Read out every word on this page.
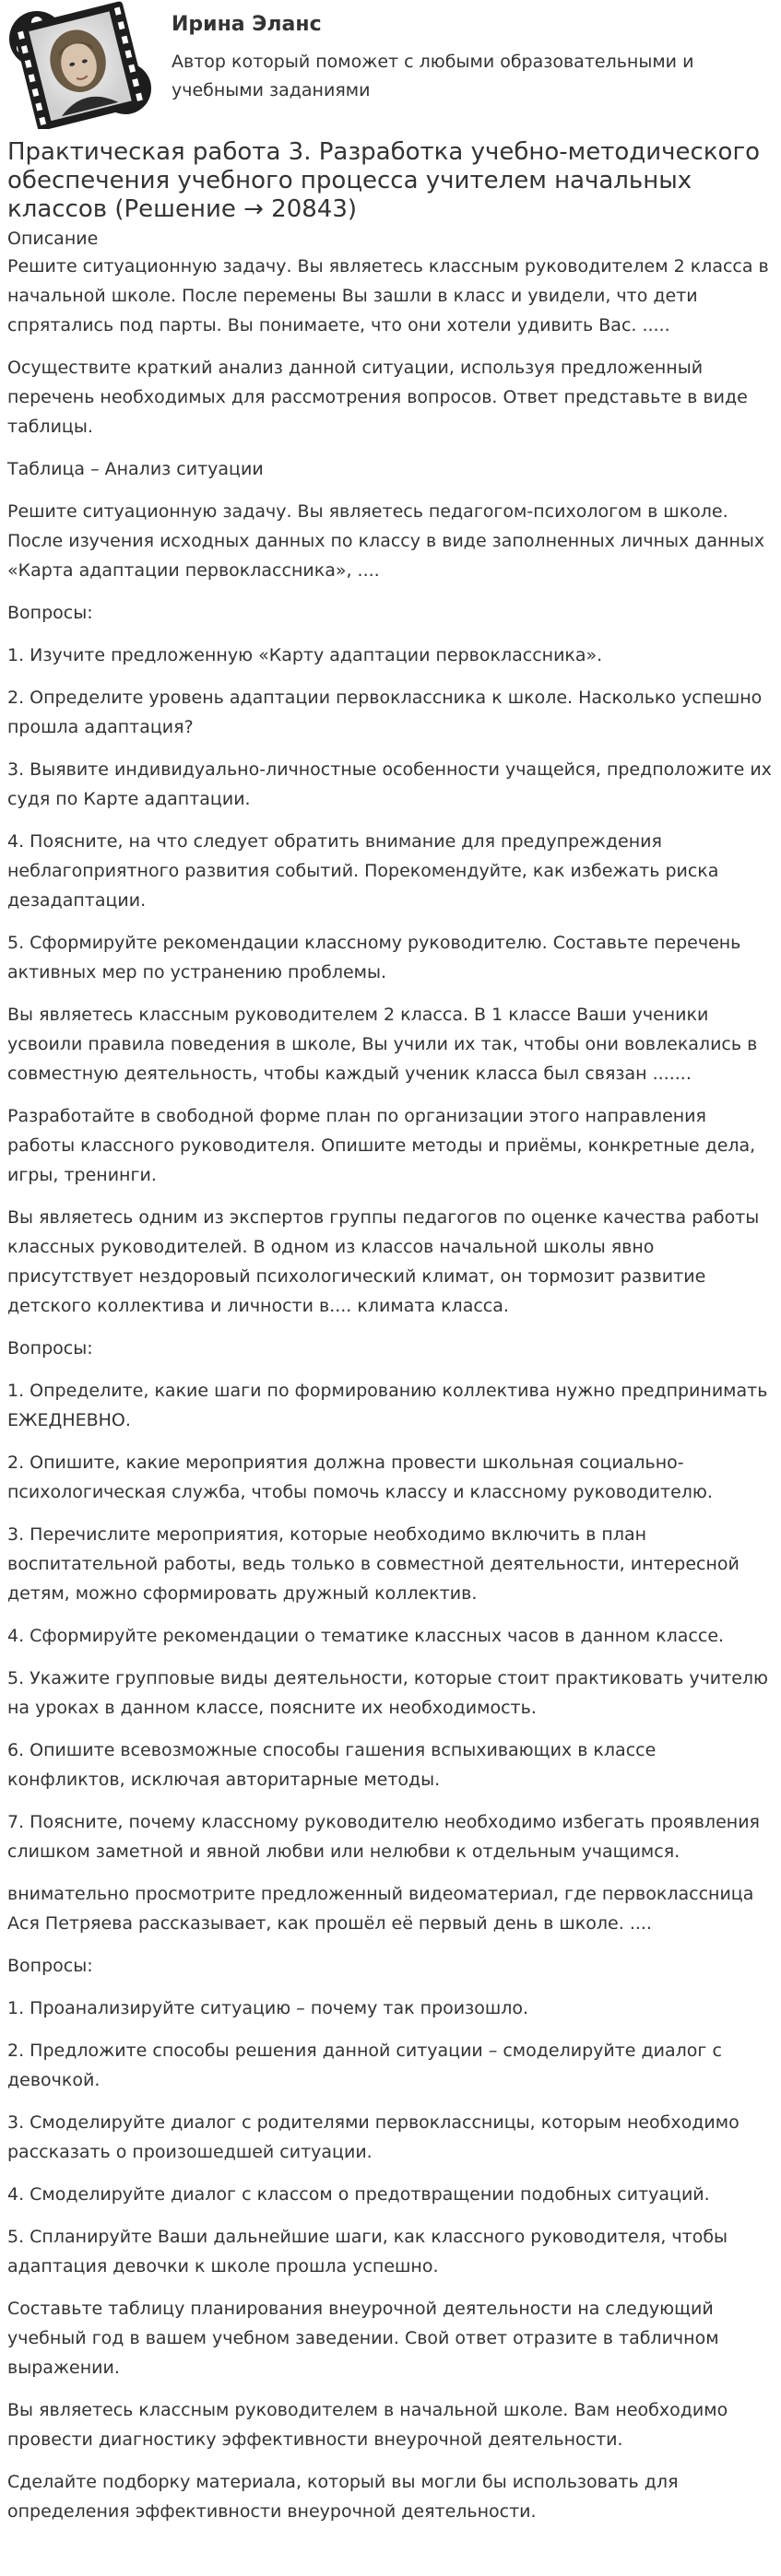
Ирина Эланс

Автор который поможет с любыми образовательными и учебными заданиями

Практическая работа 3. Разработка учебно-методического обеспечения учебного процесса учителем начальных классов (Решение → 20843)

Описание

Решите ситуационную задачу. Вы являетесь классным руководителем 2 класса в начальной школе. После перемены Вы зашли в класс и увидели, что дети спрятались под парты. Вы понимаете, что они хотели удивить Вас. .....

Осуществите краткий анализ данной ситуации, используя предложенный перечень необходимых для рассмотрения вопросов. Ответ представьте в виде таблицы.

Таблица – Анализ ситуации

Решите ситуационную задачу. Вы являетесь педагогом-психологом в школе. После изучения исходных данных по классу в виде заполненных личных данных «Карта адаптации первоклассника», ....

Вопросы:

1. Изучите предложенную «Карту адаптации первоклассника».

2. Определите уровень адаптации первоклассника к школе. Насколько успешно прошла адаптация?

3. Выявите индивидуально-личностные особенности учащейся, предположите их судя по Карте адаптации.

4. Поясните, на что следует обратить внимание для предупреждения неблагоприятного развития событий. Порекомендуйте, как избежать риска дезадаптации.

5. Сформируйте рекомендации классному руководителю. Составьте перечень активных мер по устранению проблемы.

Вы являетесь классным руководителем 2 класса. В 1 классе Ваши ученики усвоили правила поведения в школе, Вы учили их так, чтобы они вовлекались в совместную деятельность, чтобы каждый ученик класса был связан .......

Разработайте в свободной форме план по организации этого направления работы классного руководителя. Опишите методы и приёмы, конкретные дела, игры, тренинги.

Вы являетесь одним из экспертов группы педагогов по оценке качества работы классных руководителей. В одном из классов начальной школы явно присутствует нездоровый психологический климат, он тормозит развитие детского коллектива и личности в.... климата класса.

Вопросы:

1. Определите, какие шаги по формированию коллектива нужно предпринимать ЕЖЕДНЕВНО.

2. Опишите, какие мероприятия должна провести школьная социально-психологическая служба, чтобы помочь классу и классному руководителю.

3. Перечислите мероприятия, которые необходимо включить в план воспитательной работы, ведь только в совместной деятельности, интересной детям, можно сформировать дружный коллектив.

4. Сформируйте рекомендации о тематике классных часов в данном классе.

5. Укажите групповые виды деятельности, которые стоит практиковать учителю на уроках в данном классе, поясните их необходимость.

6. Опишите всевозможные способы гашения вспыхивающих в классе конфликтов, исключая авторитарные методы.

7. Поясните, почему классному руководителю необходимо избегать проявления слишком заметной и явной любви или нелюбви к отдельным учащимся.

внимательно просмотрите предложенный видеоматериал, где первоклассница Ася Петряева рассказывает, как прошёл её первый день в школе. ....

Вопросы:

1. Проанализируйте ситуацию – почему так произошло.

2. Предложите способы решения данной ситуации – смоделируйте диалог с девочкой.

3. Смоделируйте диалог с родителями первоклассницы, которым необходимо рассказать о произошедшей ситуации.

4. Смоделируйте диалог с классом о предотвращении подобных ситуаций.

5. Спланируйте Ваши дальнейшие шаги, как классного руководителя, чтобы адаптация девочки к школе прошла успешно.

Составьте таблицу планирования внеурочной деятельности на следующий учебный год в вашем учебном заведении. Свой ответ отразите в табличном выражении.

Вы являетесь классным руководителем в начальной школе. Вам необходимо провести диагностику эффективности внеурочной деятельности.

Сделайте подборку материала, который вы могли бы использовать для определения эффективности внеурочной деятельности.
